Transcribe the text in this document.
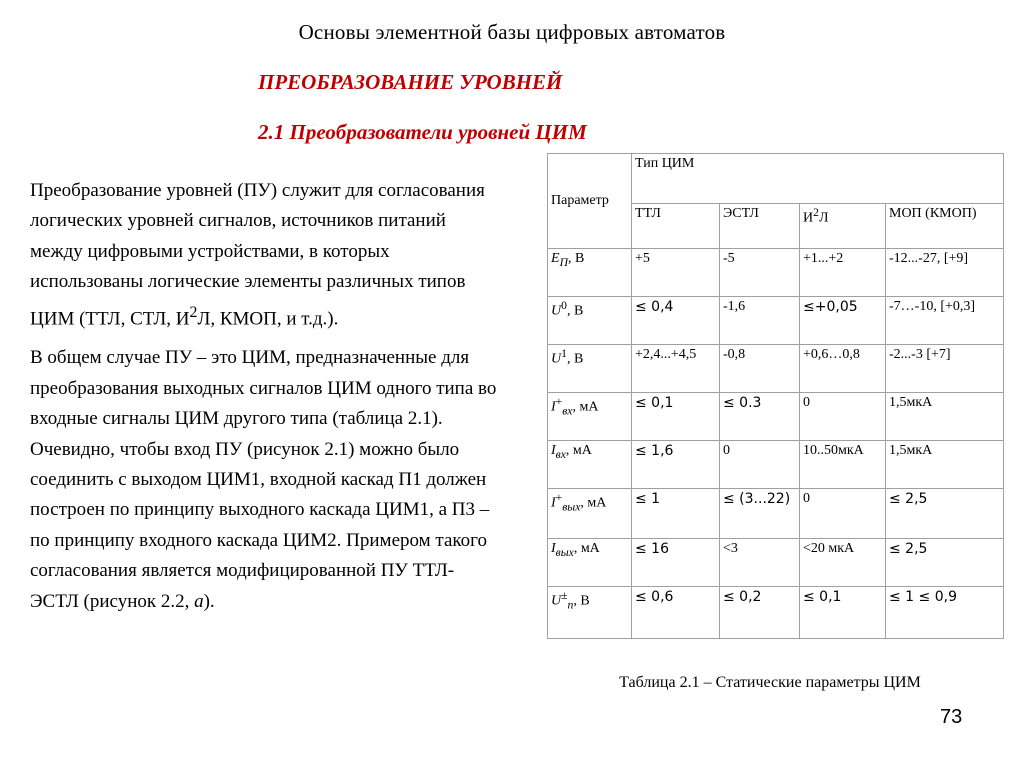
Основы элементной базы цифровых автоматов
ПРЕОБРАЗОВАНИЕ УРОВНЕЙ
2.1 Преобразователи уровней ЦИМ

Преобразование уровней (ПУ) служит для согласования логических уровней сигналов, источников питаний между цифровыми устройствами, в которых использованы логические элементы различных типов ЦИМ (ТТЛ, СТЛ, $И^2Л$, КМОП, и т.д.).

В общем случае ПУ – это ЦИМ, предназначенные для преобразования выходных сигналов ЦИМ одного типа во входные сигналы ЦИМ другого типа (таблица 2.1). Очевидно, чтобы вход ПУ (рисунок 2.1) можно было соединить с выходом ЦИМ1, входной каскад П1 должен построен по принципу выходного каскада ЦИМ1, а П3 – по принципу входного каскада ЦИМ2. Примером такого согласования является модифицированной ПУ ТТЛ-ЭСТЛ (рисунок 2.2, а).

Параметр	Тип ЦИМ			
	ТТЛ	ЭСТЛ	$И^2Л$	МОП (КМОП)
$E_П$, В	+5	-5	+1...+2	-12...-27, [+9]
$U^0$, В	≤ 0,4	-1,6	≤+0,05	-7…-10, [+0,3]
$U^1$, В	+2,4...+4,5	-0,8	+0,6…0,8	-2...-3 [+7]
$I^+_{вх}$, мА	≤ 0,1	≤ 0.3	0	1,5мкА
$I_{вх}$, мА	≤ 1,6	0	10..50мкА	1,5мкА
$I^+_{вых}$, мА	≤ 1	≤ (3...22)	0	≤ 2,5
$I_{вых}$, мА	≤ 16	<3	<20 мкА	≤ 2,5
$U^\pm_п$, В	≤ 0,6	≤ 0,2	≤ 0,1	≤ 1 ≤ 0,9
Таблица 2.1 – Статические параметры ЦИМ
73
